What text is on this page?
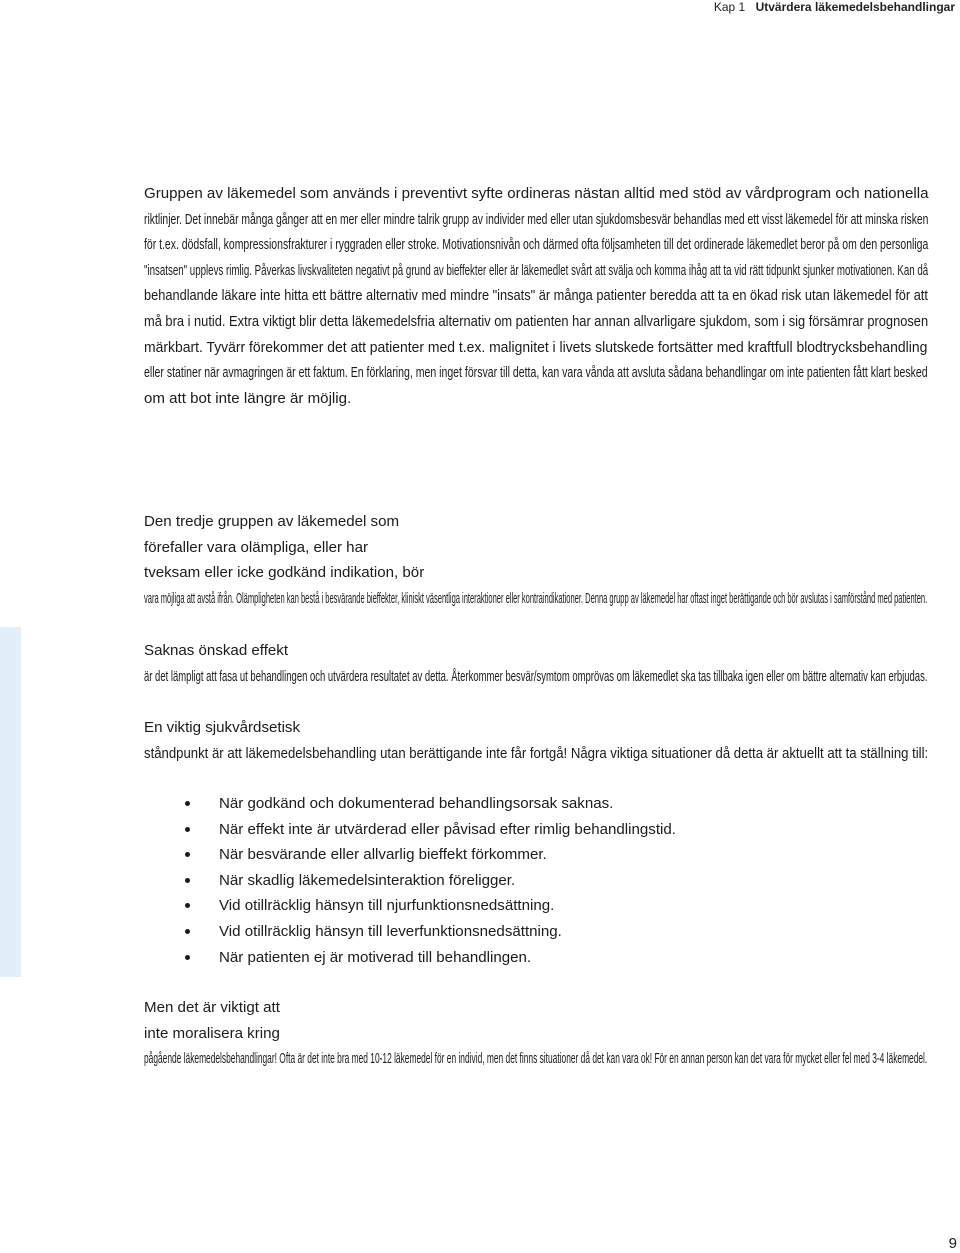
Kap 1 Utvärdera läkemedelsbehandlingar

Gruppen av läkemedel som används i preventivt syfte ordineras nästan alltid med stöd av vårdprogram och nationella
riktlinjer. Det innebär många gånger att en mer eller mindre talrik grupp av individer med eller utan sjukdomsbesvär behandlas med ett visst läkemedel för att minska risken
för t.ex. dödsfall, kompressionsfrakturer i ryggraden eller stroke. Motivationsnivån och därmed ofta följsamheten till det ordinerade läkemedlet beror på om den personliga
"insatsen" upplevs rimlig. Påverkas livskvaliteten negativt på grund av bieffekter eller är läkemedlet svårt att svälja och komma ihåg att ta vid rätt tidpunkt sjunker motivationen. Kan då
behandlande läkare inte hitta ett bättre alternativ med mindre "insats" är många patienter beredda att ta en ökad risk utan läkemedel för att
må bra i nutid. Extra viktigt blir detta läkemedelsfria alternativ om patienten har annan allvarligare sjukdom, som i sig försämrar prognosen
märkbart. Tyvärr förekommer det att patienter med t.ex. malignitet i livets slutskede fortsätter med kraftfull blodtrycksbehandling
eller statiner när avmagringen är ett faktum. En förklaring, men inget försvar till detta, kan vara vånda att avsluta sådana behandlingar om inte patienten fått klart besked
om att bot inte längre är möjlig.

Den tredje gruppen av läkemedel som
förefaller vara olämpliga, eller har
tveksam eller icke godkänd indikation, bör
vara möjliga att avstå ifrån. Olämpligheten kan bestå i besvärande bieffekter, kliniskt väsentliga interaktioner eller kontraindikationer. Denna grupp av läkemedel har oftast inget berättigande och bör avslutas i samförstånd med patienten.

Saknas önskad effekt
är det lämpligt att fasa ut behandlingen och utvärdera resultatet av detta. Återkommer besvär/symtom omprövas om läkemedlet ska tas tillbaka igen eller om bättre alternativ kan erbjudas.

En viktig sjukvårdsetisk
ståndpunkt är att läkemedelsbehandling utan berättigande inte får fortgå! Några viktiga situationer då detta är aktuellt att ta ställning till:

När godkänd och dokumenterad behandlingsorsak saknas.
När effekt inte är utvärderad eller påvisad efter rimlig behandlingstid.
När besvärande eller allvarlig bieffekt förkommer.
När skadlig läkemedelsinteraktion föreligger.
Vid otillräcklig hänsyn till njurfunktionsnedsättning.
Vid otillräcklig hänsyn till leverfunktionsnedsättning.
När patienten ej är motiverad till behandlingen.

Men det är viktigt att
inte moralisera kring
pågående läkemedelsbehandlingar! Ofta är det inte bra med 10-12 läkemedel för en individ, men det finns situationer då det kan vara ok! För en annan person kan det vara för mycket eller fel med 3-4 läkemedel.

9
